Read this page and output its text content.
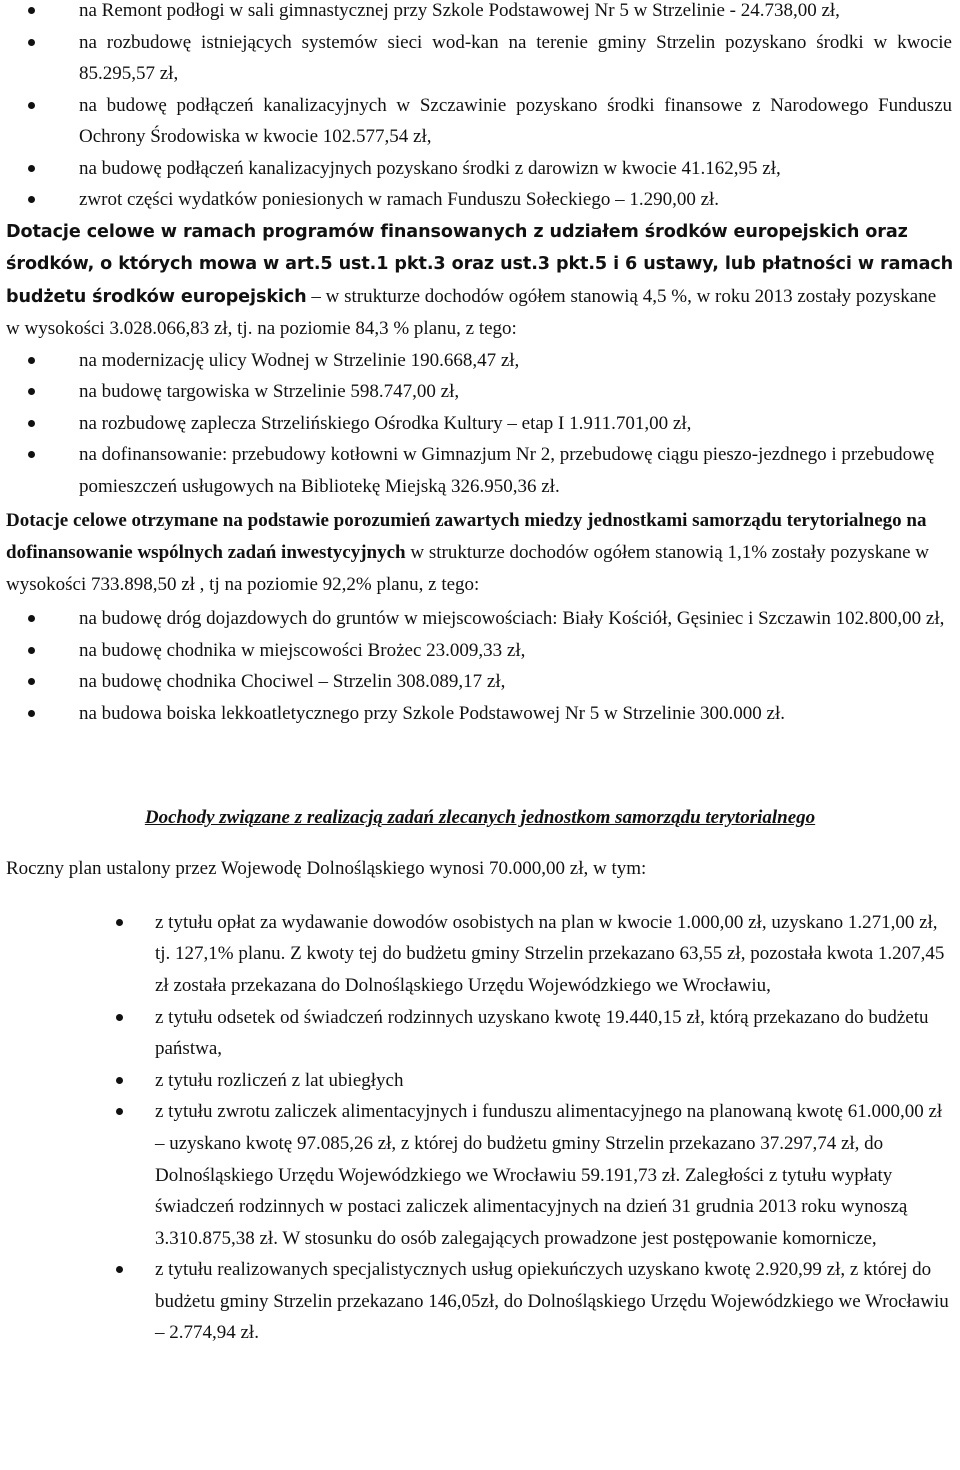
na Remont podłogi w sali gimnastycznej przy Szkole Podstawowej Nr 5 w Strzelinie - 24.738,00 zł,
na rozbudowę istniejących systemów sieci wod-kan na terenie gminy Strzelin pozyskano środki w kwocie 85.295,57 zł,
na budowę podłączeń kanalizacyjnych w Szczawinie pozyskano środki finansowe z Narodowego Funduszu Ochrony Środowiska w kwocie 102.577,54 zł,
na budowę podłączeń kanalizacyjnych pozyskano środki z darowizn w kwocie 41.162,95 zł,
zwrot części wydatków poniesionych w ramach Funduszu Sołeckiego – 1.290,00 zł.

Dotacje celowe w ramach programów finansowanych z udziałem środków europejskich oraz środków, o których mowa w art.5 ust.1 pkt.3 oraz ust.3 pkt.5 i 6 ustawy, lub płatności w ramach budżetu środków europejskich – w strukturze dochodów ogółem stanowią 4,5 %, w roku 2013 zostały pozyskane w wysokości 3.028.066,83 zł, tj. na poziomie 84,3 % planu, z tego:

na modernizację ulicy Wodnej w Strzelinie 190.668,47 zł,
na budowę targowiska w Strzelinie 598.747,00 zł,
na rozbudowę zaplecza Strzelińskiego Ośrodka Kultury – etap I 1.911.701,00 zł,
na dofinansowanie: przebudowy kotłowni w Gimnazjum Nr 2, przebudowę ciągu pieszo-jezdnego i przebudowę pomieszczeń usługowych na Bibliotekę Miejską 326.950,36 zł.

Dotacje celowe otrzymane na podstawie porozumień zawartych miedzy jednostkami samorządu terytorialnego na dofinansowanie wspólnych zadań inwestycyjnych w strukturze dochodów ogółem stanowią 1,1% zostały pozyskane w wysokości 733.898,50 zł , tj na poziomie 92,2% planu, z tego:

na budowę dróg dojazdowych do gruntów w miejscowościach: Biały Kościół, Gęsiniec i Szczawin 102.800,00 zł,
na budowę chodnika w miejscowości Brożec 23.009,33 zł,
na budowę chodnika Chociwel – Strzelin 308.089,17 zł,
na budowa boiska lekkoatletycznego przy Szkole Podstawowej Nr 5 w Strzelinie 300.000 zł.

Dochody związane z realizacją zadań zlecanych jednostkom samorządu terytorialnego

Roczny plan ustalony przez Wojewodę Dolnośląskiego wynosi 70.000,00 zł, w tym:

z tytułu opłat za wydawanie dowodów osobistych na plan w kwocie 1.000,00 zł, uzyskano 1.271,00 zł, tj. 127,1% planu. Z kwoty tej do budżetu gminy Strzelin przekazano 63,55 zł, pozostała kwota 1.207,45 zł została przekazana do Dolnośląskiego Urzędu Wojewódzkiego we Wrocławiu,
z tytułu odsetek od świadczeń rodzinnych uzyskano kwotę 19.440,15 zł, którą przekazano do budżetu państwa,
z tytułu rozliczeń z lat ubiegłych
z tytułu zwrotu zaliczek alimentacyjnych i funduszu alimentacyjnego na planowaną kwotę 61.000,00 zł – uzyskano kwotę 97.085,26 zł, z której do budżetu gminy Strzelin przekazano 37.297,74 zł, do Dolnośląskiego Urzędu Wojewódzkiego we Wrocławiu 59.191,73 zł. Zaległości z tytułu wypłaty świadczeń rodzinnych w postaci zaliczek alimentacyjnych na dzień 31 grudnia 2013 roku wynoszą 3.310.875,38 zł. W stosunku do osób zalegających prowadzone jest postępowanie komornicze,
z tytułu realizowanych specjalistycznych usług opiekuńczych uzyskano kwotę 2.920,99 zł, z której do budżetu gminy Strzelin przekazano 146,05zł, do Dolnośląskiego Urzędu Wojewódzkiego we Wrocławiu – 2.774,94 zł.
